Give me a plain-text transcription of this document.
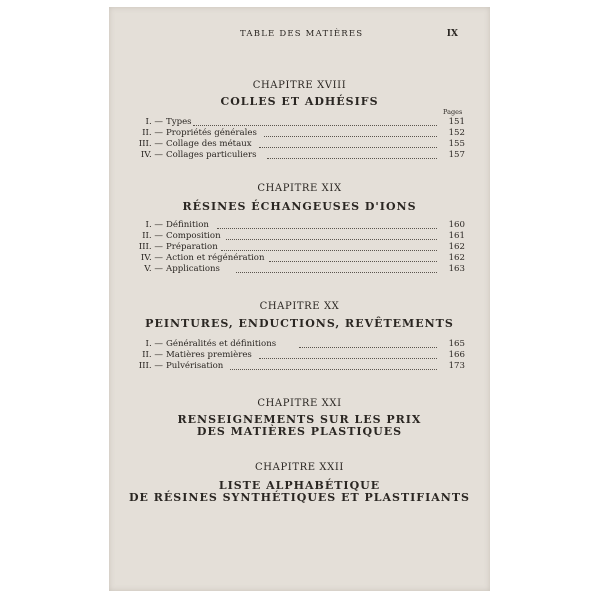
TABLE DES MATIÈRES	IX
CHAPITRE XVIII
COLLES ET ADHÉSIFS
Pages
I. — Types	151
II. — Propriétés générales	152
III. — Collage des métaux	155
IV. — Collages particuliers	157
CHAPITRE XIX
RÉSINES ÉCHANGEUSES D'IONS
I. — Définition	160
II. — Composition	161
III. — Préparation	162
IV. — Action et régénération	162
V. — Applications	163
CHAPITRE XX
PEINTURES, ENDUCTIONS, REVÊTEMENTS
I. — Généralités et définitions	165
II. — Matières premières	166
III. — Pulvérisation	173
CHAPITRE XXI
RENSEIGNEMENTS SUR LES PRIX
DES MATIÈRES PLASTIQUES
CHAPITRE XXII
LISTE ALPHABÉTIQUE
DE RÉSINES SYNTHÉTIQUES ET PLASTIFIANTS
